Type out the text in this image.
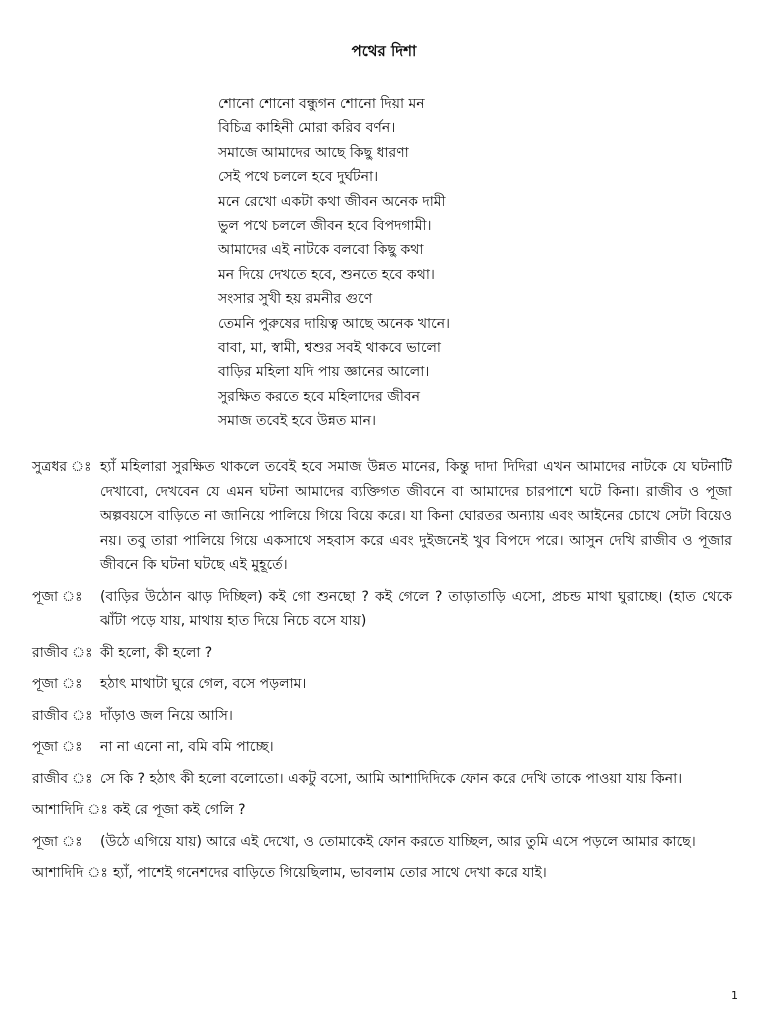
পথের দিশা
শোনো শোনো বন্ধুগন শোনো দিয়া মন
বিচিত্র কাহিনী মোরা করিব বর্ণন।
সমাজে আমাদের আছে কিছু ধারণা
সেই পথে চললে হবে দুর্ঘটনা।
মনে রেখো একটা কথা জীবন অনেক দামী
ভুল পথে চললে জীবন হবে বিপদগামী।
আমাদের এই নাটকে বলবো কিছু কথা
মন দিয়ে দেখতে হবে, শুনতে হবে কথা।
সংসার সুখী হয় রমনীর গুণে
তেমনি পুরুষের দায়িত্ব আছে অনেক খানে।
বাবা, মা, স্বামী, শ্বশুর সবই থাকবে ভালো
বাড়ির মহিলা যদি পায় জ্ঞানের আলো।
সুরক্ষিত করতে হবে মহিলাদের জীবন
সমাজ তবেই হবে উন্নত মান।
সুত্রধর ঃ হ্যাঁ মহিলারা সুরক্ষিত থাকলে তবেই হবে সমাজ উন্নত মানের, কিন্তু দাদা দিদিরা এখন আমাদের নাটকে যে ঘটনাটি দেখাবো, দেখবেন যে এমন ঘটনা আমাদের ব্যক্তিগত জীবনে বা আমাদের চারপাশে ঘটে কিনা। রাজীব ও পূজা অল্পবয়সে বাড়িতে না জানিয়ে পালিয়ে গিয়ে বিয়ে করে। যা কিনা ঘোরতর অন্যায় এবং আইনের চোখে সেটা বিয়েও নয়। তবু তারা পালিয়ে গিয়ে একসাথে সহবাস করে এবং দুইজনেই খুব বিপদে পরে। আসুন দেখি রাজীব ও পূজার জীবনে কি ঘটনা ঘটছে এই মুহূর্তে।
পূজা ঃ (বাড়ির উঠোন ঝাড় দিচ্ছিল) কই গো শুনছো ? কই গেলে ? তাড়াতাড়ি এসো, প্রচন্ড মাথা ঘুরাচ্ছে। (হাত থেকে ঝাঁটা পড়ে যায়, মাথায় হাত দিয়ে নিচে বসে যায়)
রাজীব ঃ কী হলো, কী হলো ?
পূজা ঃ হঠাৎ মাথাটা ঘুরে গেল, বসে পড়লাম।
রাজীব ঃ দাঁড়াও জল নিয়ে আসি।
পূজা ঃ না না এনো না, বমি বমি পাচ্ছে।
রাজীব ঃ সে কি ? হঠাৎ কী হলো বলোতো। একটু বসো, আমি আশাদিদিকে ফোন করে দেখি তাকে পাওয়া যায় কিনা।
আশাদিদি ঃ কই রে পূজা কই গেলি ?
পূজা ঃ (উঠে এগিয়ে যায়) আরে এই দেখো, ও তোমাকেই ফোন করতে যাচ্ছিল, আর তুমি এসে পড়লে আমার কাছে।
আশাদিদি ঃ হ্যাঁ, পাশেই গনেশদের বাড়িতে গিয়েছিলাম, ভাবলাম তোর সাথে দেখা করে যাই।
1
